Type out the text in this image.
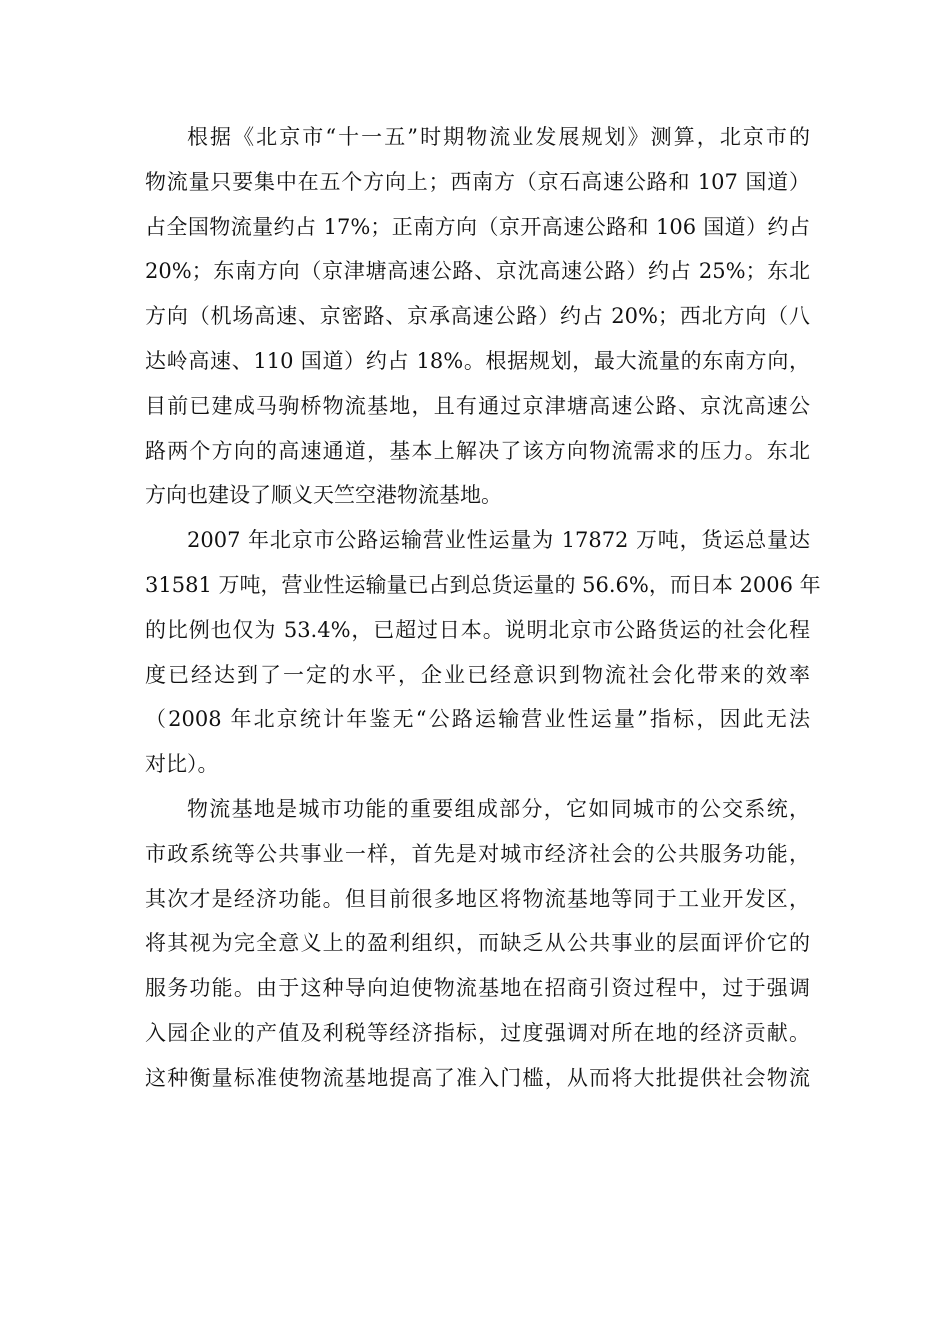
根据《北京市“十一五”时期物流业发展规划》测算，北京市的
物流量只要集中在五个方向上；西南方（京石高速公路和 107 国道）
占全国物流量约占 17%；正南方向（京开高速公路和 106 国道）约占
20%；东南方向（京津塘高速公路、京沈高速公路）约占 25%；东北
方向（机场高速、京密路、京承高速公路）约占 20%；西北方向（八
达岭高速、110 国道）约占 18%。根据规划，最大流量的东南方向，
目前已建成马驹桥物流基地，且有通过京津塘高速公路、京沈高速公
路两个方向的高速通道，基本上解决了该方向物流需求的压力。东北
方向也建设了顺义天竺空港物流基地。
2007 年北京市公路运输营业性运量为 17872 万吨，货运总量达
31581 万吨，营业性运输量已占到总货运量的 56.6%，而日本 2006 年
的比例也仅为 53.4%，已超过日本。说明北京市公路货运的社会化程
度已经达到了一定的水平，企业已经意识到物流社会化带来的效率
（2008 年北京统计年鉴无“公路运输营业性运量”指标，因此无法
对比）。
物流基地是城市功能的重要组成部分，它如同城市的公交系统，
市政系统等公共事业一样，首先是对城市经济社会的公共服务功能，
其次才是经济功能。但目前很多地区将物流基地等同于工业开发区，
将其视为完全意义上的盈利组织，而缺乏从公共事业的层面评价它的
服务功能。由于这种导向迫使物流基地在招商引资过程中，过于强调
入园企业的产值及利税等经济指标，过度强调对所在地的经济贡献。
这种衡量标准使物流基地提高了准入门槛，从而将大批提供社会物流
